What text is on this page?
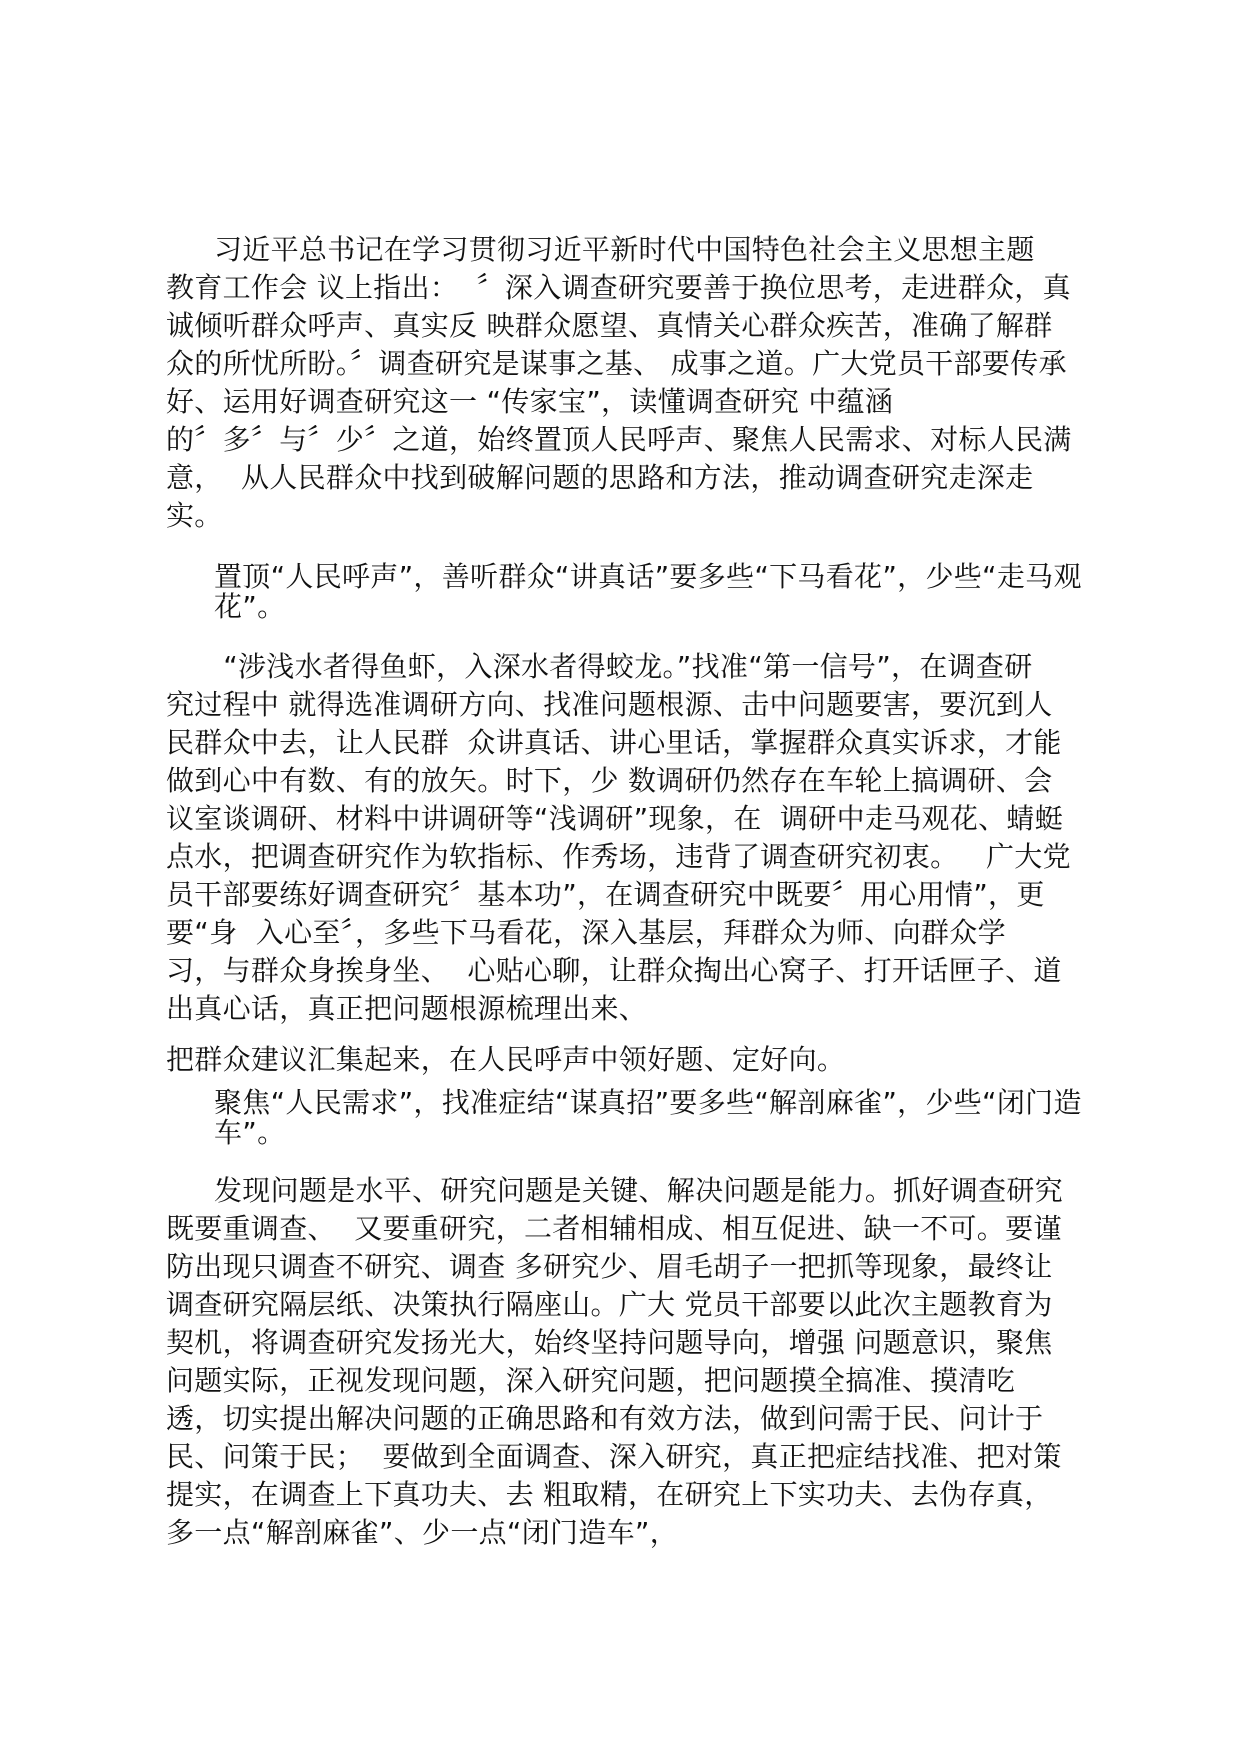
习近平总书记在学习贯彻习近平新时代中国特色社会主义思想主题
教育工作会 议上指出：  〞深入调查研究要善于换位思考，走进群众，真
诚倾听群众呼声、真实反 映群众愿望、真情关心群众疾苦，准确了解群
众的所忧所盼。〞调查研究是谋事之基、 成事之道。广大党员干部要传承
好、运用好调查研究这一 “传家宝”，读懂调查研究 中蕴涵
的〞多〞与〞少〞之道，始终置顶人民呼声、聚焦人民需求、对标人民满
意，  从人民群众中找到破解问题的思路和方法，推动调查研究走深走
实。
置顶“人民呼声”，善听群众“讲真话”要多些“下马看花”，少些“走马观
花”。
“涉浅水者得鱼虾，入深水者得蛟龙。”找准“第一信号”，在调查研
究过程中 就得选准调研方向、找准问题根源、击中问题要害，要沉到人
民群众中去，让人民群  众讲真话、讲心里话，掌握群众真实诉求，才能
做到心中有数、有的放矢。时下，少 数调研仍然存在车轮上搞调研、会
议室谈调研、材料中讲调研等“浅调研”现象，在  调研中走马观花、蜻蜓
点水，把调查研究作为软指标、作秀场，违背了调查研究初衷。   广大党
员干部要练好调查研究〞基本功”，在调查研究中既要〞用心用情”，更
要“身  入心至〞，多些下马看花，深入基层，拜群众为师、向群众学
习，与群众身挨身坐、  心贴心聊，让群众掏出心窝子、打开话匣子、道
出真心话，真正把问题根源梳理出来、
把群众建议汇集起来，在人民呼声中领好题、定好向。
聚焦“人民需求”，找准症结“谋真招”要多些“解剖麻雀”，少些“闭门造
车”。
发现问题是水平、研究问题是关键、解决问题是能力。抓好调查研究
既要重调查、  又要重研究，二者相辅相成、相互促进、缺一不可。要谨
防出现只调查不研究、调查 多研究少、眉毛胡子一把抓等现象，最终让
调查研究隔层纸、决策执行隔座山。广大 党员干部要以此次主题教育为
契机，将调查研究发扬光大，始终坚持问题导向，增强 问题意识，聚焦
问题实际，正视发现问题，深入研究问题，把问题摸全搞准、摸清吃
透，切实提出解决问题的正确思路和有效方法，做到问需于民、问计于
民、问策于民；  要做到全面调查、深入研究，真正把症结找准、把对策
提实，在调查上下真功夫、去 粗取精，在研究上下实功夫、去伪存真，
多一点“解剖麻雀”、少一点“闭门造车”，
